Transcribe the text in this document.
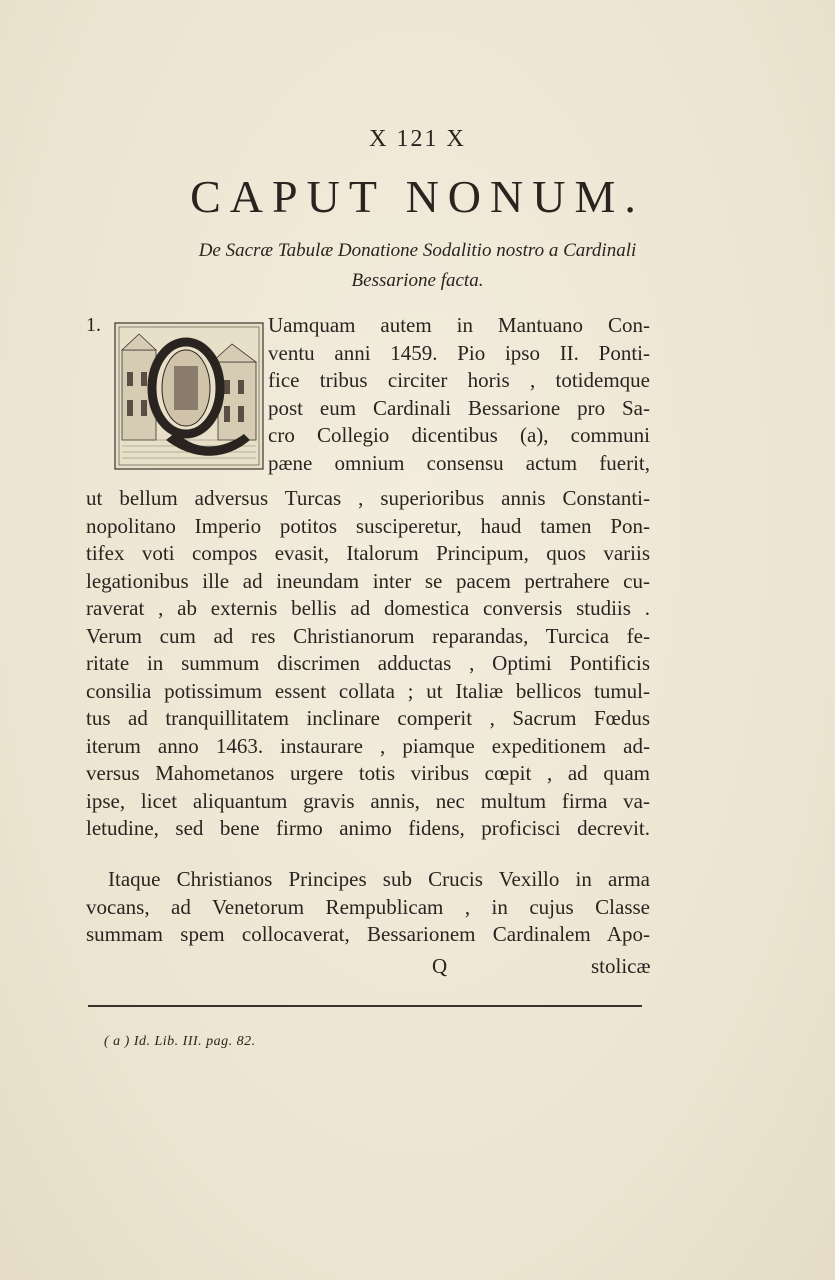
X 121 X
CAPUT NONUM.
De Sacræ Tabulæ Donatione Sodalitio nostro a Cardinali
Bessarione facta.
1.	Uamquam autem in Mantuano Con-
ventu anni 1459. Pio ipso II. Ponti-
fice tribus circiter horis , totidemque
post eum Cardinali Bessarione pro Sa-
cro Collegio dicentibus (a), communi
pæne omnium consensu actum fuerit,
ut bellum adversus Turcas , superioribus annis Constanti-
nopolitano Imperio potitos susciperetur, haud tamen Pon-
tifex voti compos evasit, Italorum Principum, quos variis
legationibus ille ad ineundam inter se pacem pertrahere cu-
raverat , ab externis bellis ad domestica conversis studiis .
Verum cum ad res Christianorum reparandas, Turcica fe-
ritate in summum discrimen adductas , Optimi Pontificis
consilia potissimum essent collata ; ut Italiæ bellicos tumul-
tus ad tranquillitatem inclinare comperit , Sacrum Fœdus
iterum anno 1463. instaurare , piamque expeditionem ad-
versus Mahometanos urgere totis viribus cœpit , ad quam
ipse, licet aliquantum gravis annis, nec multum firma va-
letudine, sed bene firmo animo fidens, proficisci decrevit.
Itaque Christianos Principes sub Crucis Vexillo in arma
vocans, ad Venetorum Rempublicam , in cujus Classe
summam spem collocaverat, Bessarionem Cardinalem Apo-
Q	stolicæ
( a ) Id. Lib. III. pag. 82.
